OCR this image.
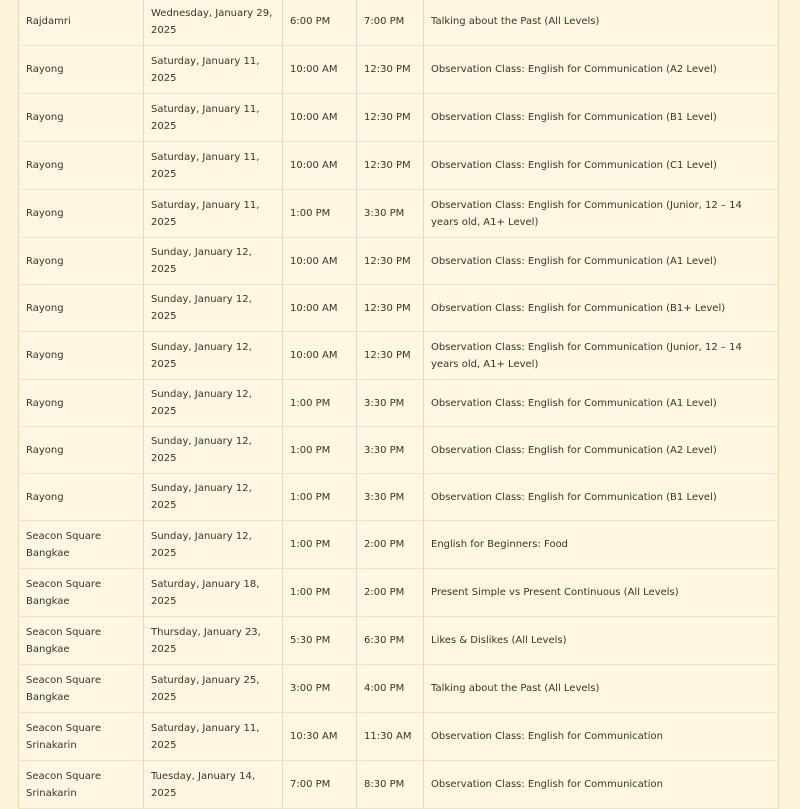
Rajdamri	Wednesday, January 29, 2025	6:00 PM	7:00 PM	Talking about the Past (All Levels)

Rayong	Saturday, January 11, 2025	10:00 AM	12:30 PM	Observation Class: English for Communication (A2 Level)

Rayong	Saturday, January 11, 2025	10:00 AM	12:30 PM	Observation Class: English for Communication (B1 Level)

Rayong	Saturday, January 11, 2025	10:00 AM	12:30 PM	Observation Class: English for Communication (C1 Level)

Rayong	Saturday, January 11, 2025	1:00 PM	3:30 PM	Observation Class: English for Communication (Junior, 12 – 14 years old, A1+ Level)

Rayong	Sunday, January 12, 2025	10:00 AM	12:30 PM	Observation Class: English for Communication (A1 Level)

Rayong	Sunday, January 12, 2025	10:00 AM	12:30 PM	Observation Class: English for Communication (B1+ Level)

Rayong	Sunday, January 12, 2025	10:00 AM	12:30 PM	Observation Class: English for Communication (Junior, 12 – 14 years old, A1+ Level)

Rayong	Sunday, January 12, 2025	1:00 PM	3:30 PM	Observation Class: English for Communication (A1 Level)

Rayong	Sunday, January 12, 2025	1:00 PM	3:30 PM	Observation Class: English for Communication (A2 Level)

Rayong	Sunday, January 12, 2025	1:00 PM	3:30 PM	Observation Class: English for Communication (B1 Level)

Seacon Square Bangkae	Sunday, January 12, 2025	1:00 PM	2:00 PM	English for Beginners: Food

Seacon Square Bangkae	Saturday, January 18, 2025	1:00 PM	2:00 PM	Present Simple vs Present Continuous (All Levels)

Seacon Square Bangkae	Thursday, January 23, 2025	5:30 PM	6:30 PM	Likes & Dislikes (All Levels)

Seacon Square Bangkae	Saturday, January 25, 2025	3:00 PM	4:00 PM	Talking about the Past (All Levels)

Seacon Square Srinakarin	Saturday, January 11, 2025	10:30 AM	11:30 AM	Observation Class: English for Communication

Seacon Square Srinakarin	Tuesday, January 14, 2025	7:00 PM	8:30 PM	Observation Class: English for Communication
